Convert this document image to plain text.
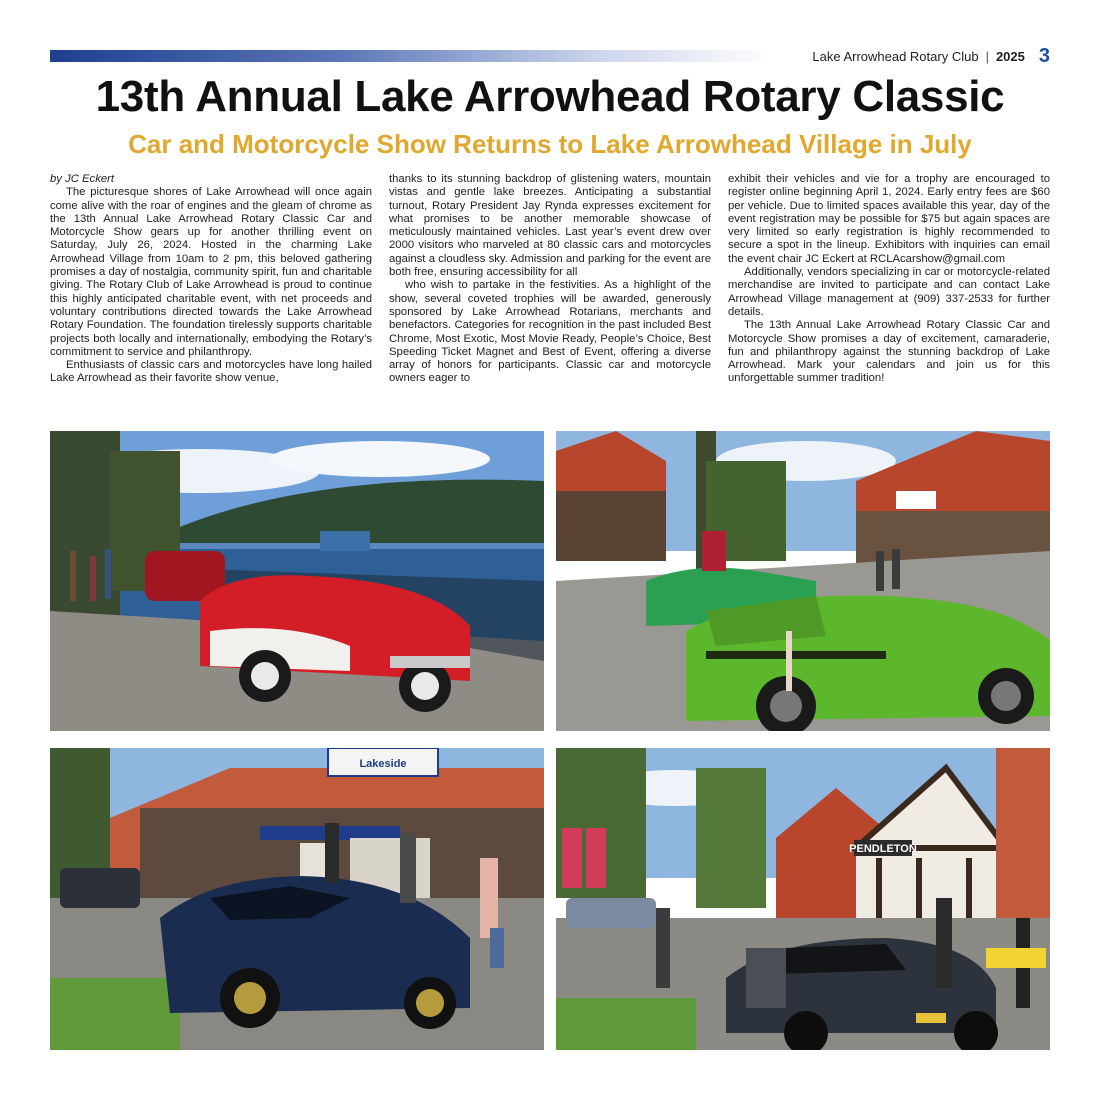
Lake Arrowhead Rotary Club | 2025 3
13th Annual Lake Arrowhead Rotary Classic
Car and Motorcycle Show Returns to Lake Arrowhead Village in July

by JC Eckert

The picturesque shores of Lake Arrowhead will once again come alive with the roar of engines and the gleam of chrome as the 13th Annual Lake Arrowhead Rotary Classic Car and Motorcycle Show gears up for another thrilling event on Saturday, July 26, 2024. Hosted in the charming Lake Arrowhead Village from 10am to 2 pm, this beloved gathering promises a day of nostalgia, community spirit, fun and charitable giving. The Rotary Club of Lake Arrowhead is proud to continue this highly anticipated charitable event, with net proceeds and voluntary contributions directed towards the Lake Arrowhead Rotary Foundation. The foundation tirelessly supports charitable projects both locally and internationally, embodying the Rotary’s commitment to service and philanthropy.

Enthusiasts of classic cars and motorcycles have long hailed Lake Arrowhead as their favorite show venue,

thanks to its stunning backdrop of glistening waters, mountain vistas and gentle lake breezes. Anticipating a substantial turnout, Rotary President Jay Rynda expresses excitement for what promises to be another memorable showcase of meticulously maintained vehicles. Last year’s event drew over 2000 visitors who marveled at 80 classic cars and motorcycles against a cloudless sky. Admission and parking for the event are both free, ensuring accessibility for all

who wish to partake in the festivities. As a highlight of the show, several coveted trophies will be awarded, generously sponsored by Lake Arrowhead Rotarians, merchants and benefactors. Categories for recognition in the past included Best Chrome, Most Exotic, Most Movie Ready, People’s Choice, Best Speeding Ticket Magnet and Best of Event, offering a diverse array of honors for participants. Classic car and motorcycle owners eager to

exhibit their vehicles and vie for a trophy are encouraged to register online beginning April 1, 2024. Early entry fees are $60 per vehicle. Due to limited spaces available this year, day of the event registration may be possible for $75 but again spaces are very limited so early registration is highly recommended to secure a spot in the lineup. Exhibitors with inquiries can email the event chair JC Eckert at RCLAcarshow@gmail.com

Additionally, vendors specializing in car or motorcycle-related merchandise are invited to participate and can contact Lake Arrowhead Village management at (909) 337-2533 for further details.

The 13th Annual Lake Arrowhead Rotary Classic Car and Motorcycle Show promises a day of excitement, camaraderie, fun and philanthropy against the stunning backdrop of Lake Arrowhead. Mark your calendars and join us for this unforgettable summer tradition!

Lakeside
PENDLETON
